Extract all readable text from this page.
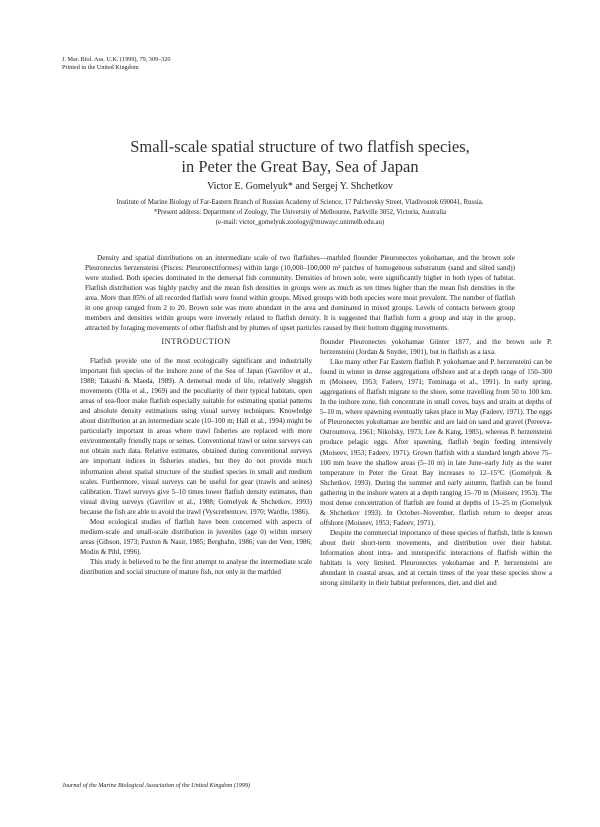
J. Mar. Biol. Ass. U.K. (1999), 79, 309–320
Printed in the United Kingdom
Small-scale spatial structure of two flatfish species,
in Peter the Great Bay, Sea of Japan
Victor E. Gomelyuk* and Sergej Y. Shchetkov
Institute of Marine Biology of Far-Eastern Branch of Russian Academy of Science, 17 Palchevsky Street, Vladivostok 690041, Russia.
*Present address: Department of Zoology, The University of Melbourne, Parkville 3052, Victoria, Australia
(e-mail: victor_gomelyuk.zoology@muwayc.unimelb.edu.au)
Density and spatial distributions on an intermediate scale of two flatfishes—marbled flounder Pleuronectes yokohamae, and the brown sole Pleuronectes herzensteini (Pisces: Pleuronectiformes) within large (10,000–100,000 m² patches of homogenous substratum (sand and silted sand)) were studied. Both species dominated in the demersal fish community. Densities of brown sole, were significantly higher in both types of habitat. Flatfish distribution was highly patchy and the mean fish densities in groups were as much as ten times higher than the mean fish densities in the area. More than 85% of all recorded flatfish were found within groups. Mixed groups with both species were most prevalent. The number of flatfish in one group ranged from 2 to 20. Brown sole was more abundant in the area and dominated in mixed groups. Levels of contacts between group members and densities within groups were inversely related to flatfish density. It is suggested that flatfish form a group and stay in the group, attracted by foraging movements of other flatfish and by plumes of upset particles caused by their bottom digging movements.
INTRODUCTION

Flatfish provide one of the most ecologically significant and industrially important fish species of the inshore zone of the Sea of Japan (Gavrilov et al., 1988; Takashi & Maeda, 1989). A demersal mode of life, relatively sluggish movements (Olla et al., 1969) and the peculiarity of their typical habitats, open areas of sea-floor make flatfish especially suitable for estimating spatial patterns and absolute density estimations using visual survey techniques. Knowledge about distribution at an intermediate scale (10–100 m; Hall et al., 1994) might be particularly important in areas where trawl fisheries are replaced with more environmentally friendly traps or seines. Conventional trawl or seine surveys can not obtain such data. Relative estimates, obtained during conventional surveys are important indices in fisheries studies, but they do not provide much information about spatial structure of the studied species in small and medium scales. Furthermore, visual surveys can be useful for gear (trawls and seines) calibration. Trawl surveys give 5–10 times lower flatfish density estimates, than visual diving surveys (Gavrilov et al., 1988; Gomelyuk & Shchetkov, 1993) because the fish are able to avoid the trawl (Vyscrebentcev, 1970; Wardle, 1986).

Most ecological studies of flatfish have been concerned with aspects of medium-scale and small-scale distribution in juveniles (age 0) within nursery areas (Gibson, 1973; Paxton & Nasir, 1985; Berghahn, 1986; van der Veer, 1986; Modin & Pihl, 1996).

This study is believed to be the first attempt to analyse the intermediate scale distribution and social structure of mature fish, not only in the marbled

flounder Pleuronectes yokohamae Günter 1877, and the brown sole P. herzensteini (Jordan & Snyder, 1901), but in flatfish as a taxa.

Like many other Far Eastern flatfish P. yokohamae and P. herzensteini can be found in winter in dense aggregations offshore and at a depth range of 150–300 m (Moiseev, 1953; Fadeev, 1971; Tominaga et al., 1991). In early spring, aggregations of flatfish migrate to the shore, some travelling from 50 to 100 km. In the inshore zone, fish concentrate in small coves, bays and straits at depths of 5–10 m, where spawning eventually takes place in May (Fadeev, 1971). The eggs of Pleuronectes yokohamae are benthic and are laid on sand and gravel (Pereeva-Ostroumova, 1961; Nikolsky, 1973; Lee & Kang, 1985), whereas P. herzensteini produce pelagic eggs. After spawning, flatfish begin feeding intensively (Moiseev, 1953; Fadeev, 1971). Grown flatfish with a standard length above 75–100 mm leave the shallow areas (5–10 m) in late June–early July as the water temperature in Peter the Great Bay increases to 12–15°C (Gomelyuk & Shchetkov, 1993). During the summer and early autumn, flatfish can be found gathering in the inshore waters at a depth ranging 15–70 m (Moiseev, 1953). The most dense concentration of flatfish are found at depths of 15–25 m (Gomelyuk & Shchetkov 1993). In October–November, flatfish return to deeper areas offshore (Moiseev, 1953; Fadeev, 1971).

Despite the commercial importance of these species of flatfish, little is known about their short-term movements, and distribution over their habitat. Information about intra- and interspecific interactions of flatfish within the habitats is very limited. Pleuronectes yokohamae and P. herzensteini are abundant in coastal areas, and at certain times of the year these species show a strong similarity in their habitat preferences, diet, and diel and

Journal of the Marine Biological Association of the United Kingdom (1999)
